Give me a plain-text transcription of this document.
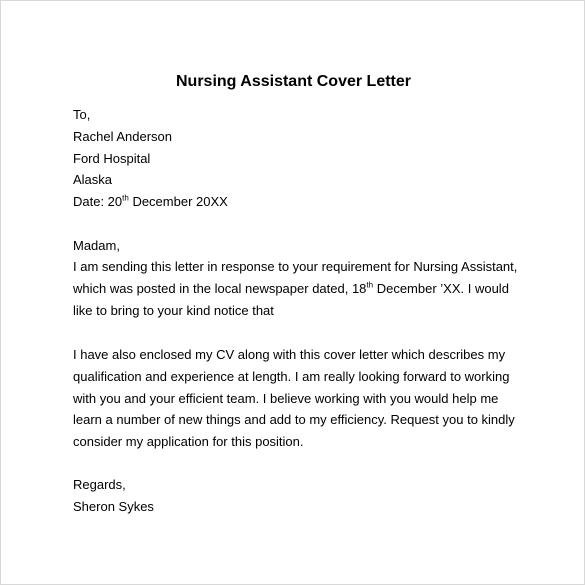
Nursing Assistant Cover Letter
To,
Rachel Anderson
Ford Hospital
Alaska
Date: 20th December 20XX
Madam,
I am sending this letter in response to your requirement for Nursing Assistant,
which was posted in the local newspaper dated, 18th December ’XX. I would
like to bring to your kind notice that
I have also enclosed my CV along with this cover letter which describes my
qualification and experience at length. I am really looking forward to working
with you and your efficient team. I believe working with you would help me
learn a number of new things and add to my efficiency. Request you to kindly
consider my application for this position.
Regards,
Sheron Sykes
